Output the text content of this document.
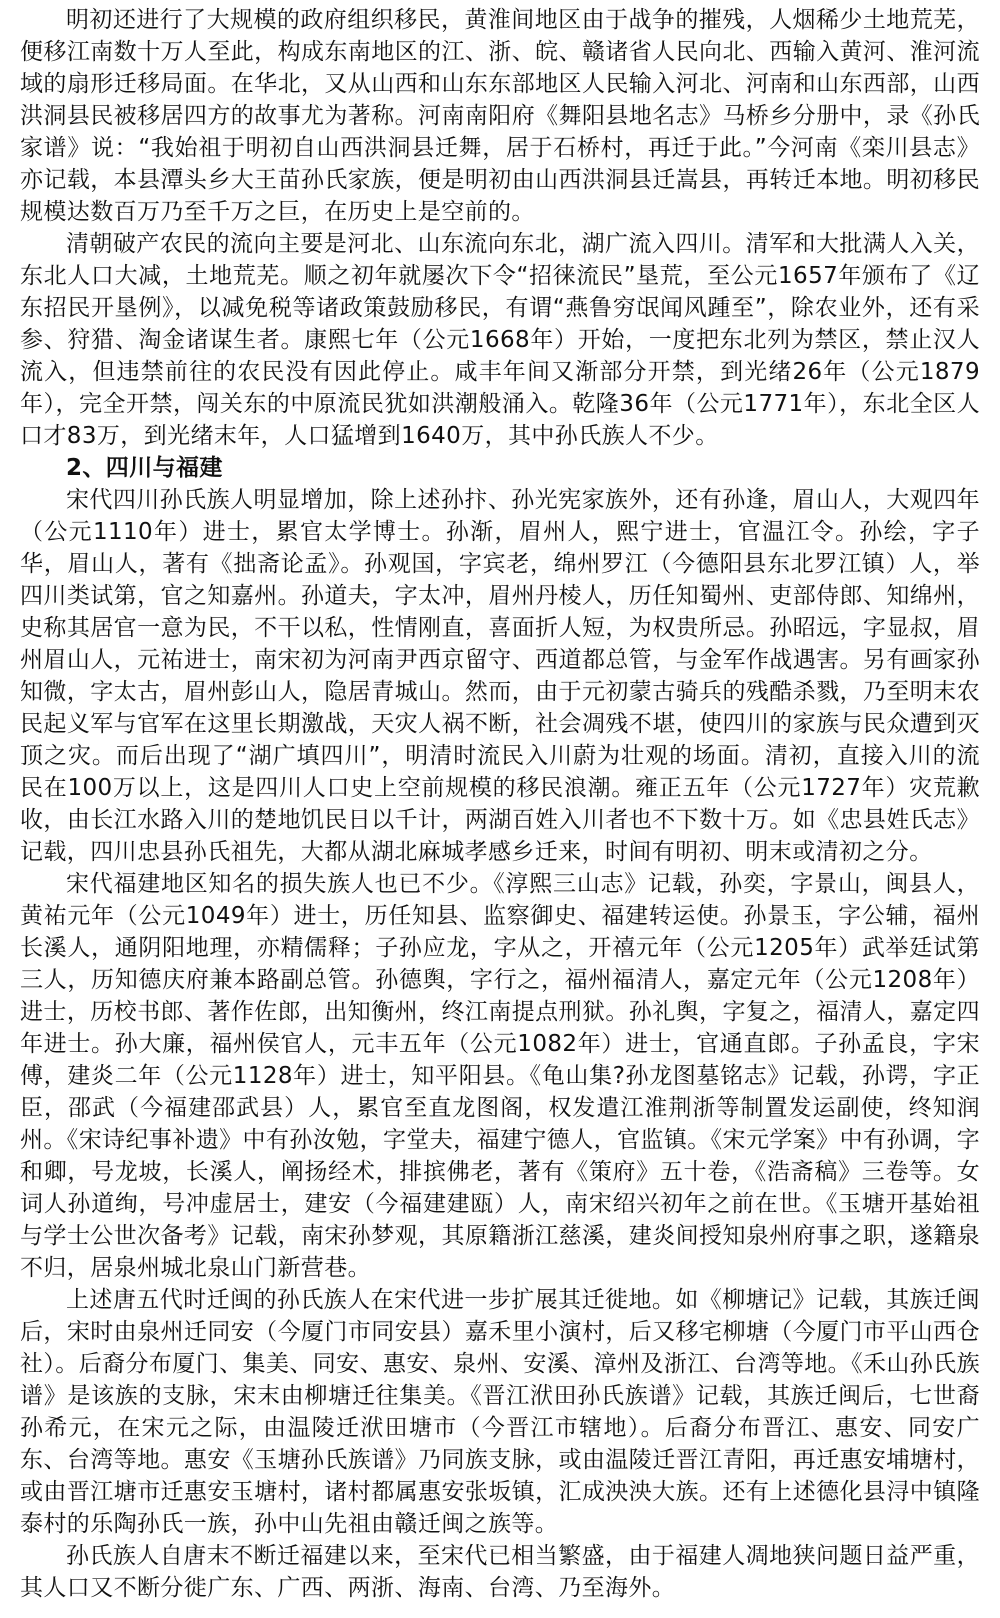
明初还进行了大规模的政府组织移民，黄淮间地区由于战争的摧残，人烟稀少土地荒芜，便移江南数十万人至此，构成东南地区的江、浙、皖、赣诸省人民向北、西输入黄河、淮河流域的扇形迁移局面。在华北，又从山西和山东东部地区人民输入河北、河南和山东西部，山西洪洞县民被移居四方的故事尤为著称。河南南阳府《舞阳县地名志》马桥乡分册中，录《孙氏家谱》说：“我始祖于明初自山西洪洞县迁舞，居于石桥村，再迁于此。”今河南《栾川县志》亦记载，本县潭头乡大王苗孙氏家族，便是明初由山西洪洞县迁嵩县，再转迁本地。明初移民规模达数百万乃至千万之巨，在历史上是空前的。

清朝破产农民的流向主要是河北、山东流向东北，湖广流入四川。清军和大批满人入关，东北人口大减，土地荒芜。顺之初年就屡次下令“招徕流民”垦荒，至公元1657年颁布了《辽东招民开垦例》，以减免税等诸政策鼓励移民，有谓“燕鲁穷氓闻风踵至”，除农业外，还有采参、狩猎、淘金诸谋生者。康熙七年（公元1668年）开始，一度把东北列为禁区，禁止汉人流入，但违禁前往的农民没有因此停止。咸丰年间又渐部分开禁，到光绪26年（公元1879年），完全开禁，闯关东的中原流民犹如洪潮般涌入。乾隆36年（公元1771年），东北全区人口才83万，到光绪末年，人口猛增到1640万，其中孙氏族人不少。

2、四川与福建

宋代四川孙氏族人明显增加，除上述孙抃、孙光宪家族外，还有孙逢，眉山人，大观四年（公元1110年）进士，累官太学博士。孙渐，眉州人，熙宁进士，官温江令。孙绘，字子华，眉山人，著有《拙斋论孟》。孙观国，字宾老，绵州罗江（今德阳县东北罗江镇）人，举四川类试第，官之知嘉州。孙道夫，字太冲，眉州丹棱人，历任知蜀州、吏部侍郎、知绵州，史称其居官一意为民，不干以私，性情刚直，喜面折人短，为权贵所忌。孙昭远，字显叔，眉州眉山人，元祐进士，南宋初为河南尹西京留守、西道都总管，与金军作战遇害。另有画家孙知微，字太古，眉州彭山人，隐居青城山。然而，由于元初蒙古骑兵的残酷杀戮，乃至明末农民起义军与官军在这里长期激战，天灾人祸不断，社会凋残不堪，使四川的家族与民众遭到灭顶之灾。而后出现了“湖广填四川”，明清时流民入川蔚为壮观的场面。清初，直接入川的流民在100万以上，这是四川人口史上空前规模的移民浪潮。雍正五年（公元1727年）灾荒歉收，由长江水路入川的楚地饥民日以千计，两湖百姓入川者也不下数十万。如《忠县姓氏志》记载，四川忠县孙氏祖先，大都从湖北麻城孝感乡迁来，时间有明初、明末或清初之分。

宋代福建地区知名的损失族人也已不少。《淳熙三山志》记载，孙奕，字景山，闽县人，黄祐元年（公元1049年）进士，历任知县、监察御史、福建转运使。孙景玉，字公辅，福州长溪人，通阴阳地理，亦精儒释；子孙应龙，字从之，开禧元年（公元1205年）武举廷试第三人，历知德庆府兼本路副总管。孙德舆，字行之，福州福清人，嘉定元年（公元1208年）进士，历校书郎、著作佐郎，出知衡州，终江南提点刑狱。孙礼舆，字复之，福清人，嘉定四年进士。孙大廉，福州侯官人，元丰五年（公元1082年）进士，官通直郎。子孙孟良，字宋傅，建炎二年（公元1128年）进士，知平阳县。《龟山集?孙龙图墓铭志》记载，孙谔，字正臣，邵武（今福建邵武县）人，累官至直龙图阁，权发遣江淮荆浙等制置发运副使，终知润州。《宋诗纪事补遗》中有孙汝勉，字堂夫，福建宁德人，官监镇。《宋元学案》中有孙调，字和卿，号龙坡，长溪人，阐扬经术，排摈佛老，著有《策府》五十卷，《浩斋稿》三卷等。女词人孙道绚，号冲虚居士，建安（今福建建瓯）人，南宋绍兴初年之前在世。《玉塘开基始祖与学士公世次备考》记载，南宋孙梦观，其原籍浙江慈溪，建炎间授知泉州府事之职，遂籍泉不归，居泉州城北泉山门新营巷。

上述唐五代时迁闽的孙氏族人在宋代进一步扩展其迁徙地。如《柳塘记》记载，其族迁闽后，宋时由泉州迁同安（今厦门市同安县）嘉禾里小演村，后又移宅柳塘（今厦门市平山西仓社）。后裔分布厦门、集美、同安、惠安、泉州、安溪、漳州及浙江、台湾等地。《禾山孙氏族谱》是该族的支脉，宋末由柳塘迁往集美。《晋江洑田孙氏族谱》记载，其族迁闽后，七世裔孙希元，在宋元之际，由温陵迁洑田塘市（今晋江市辖地）。后裔分布晋江、惠安、同安广东、台湾等地。惠安《玉塘孙氏族谱》乃同族支脉，或由温陵迁晋江青阳，再迁惠安埔塘村，或由晋江塘市迁惠安玉塘村，诸村都属惠安张坂镇，汇成泱泱大族。还有上述德化县浔中镇隆泰村的乐陶孙氏一族，孙中山先祖由赣迁闽之族等。

孙氏族人自唐末不断迁福建以来，至宋代已相当繁盛，由于福建人凋地狭问题日益严重，其人口又不断分徙广东、广西、两浙、海南、台湾、乃至海外。
